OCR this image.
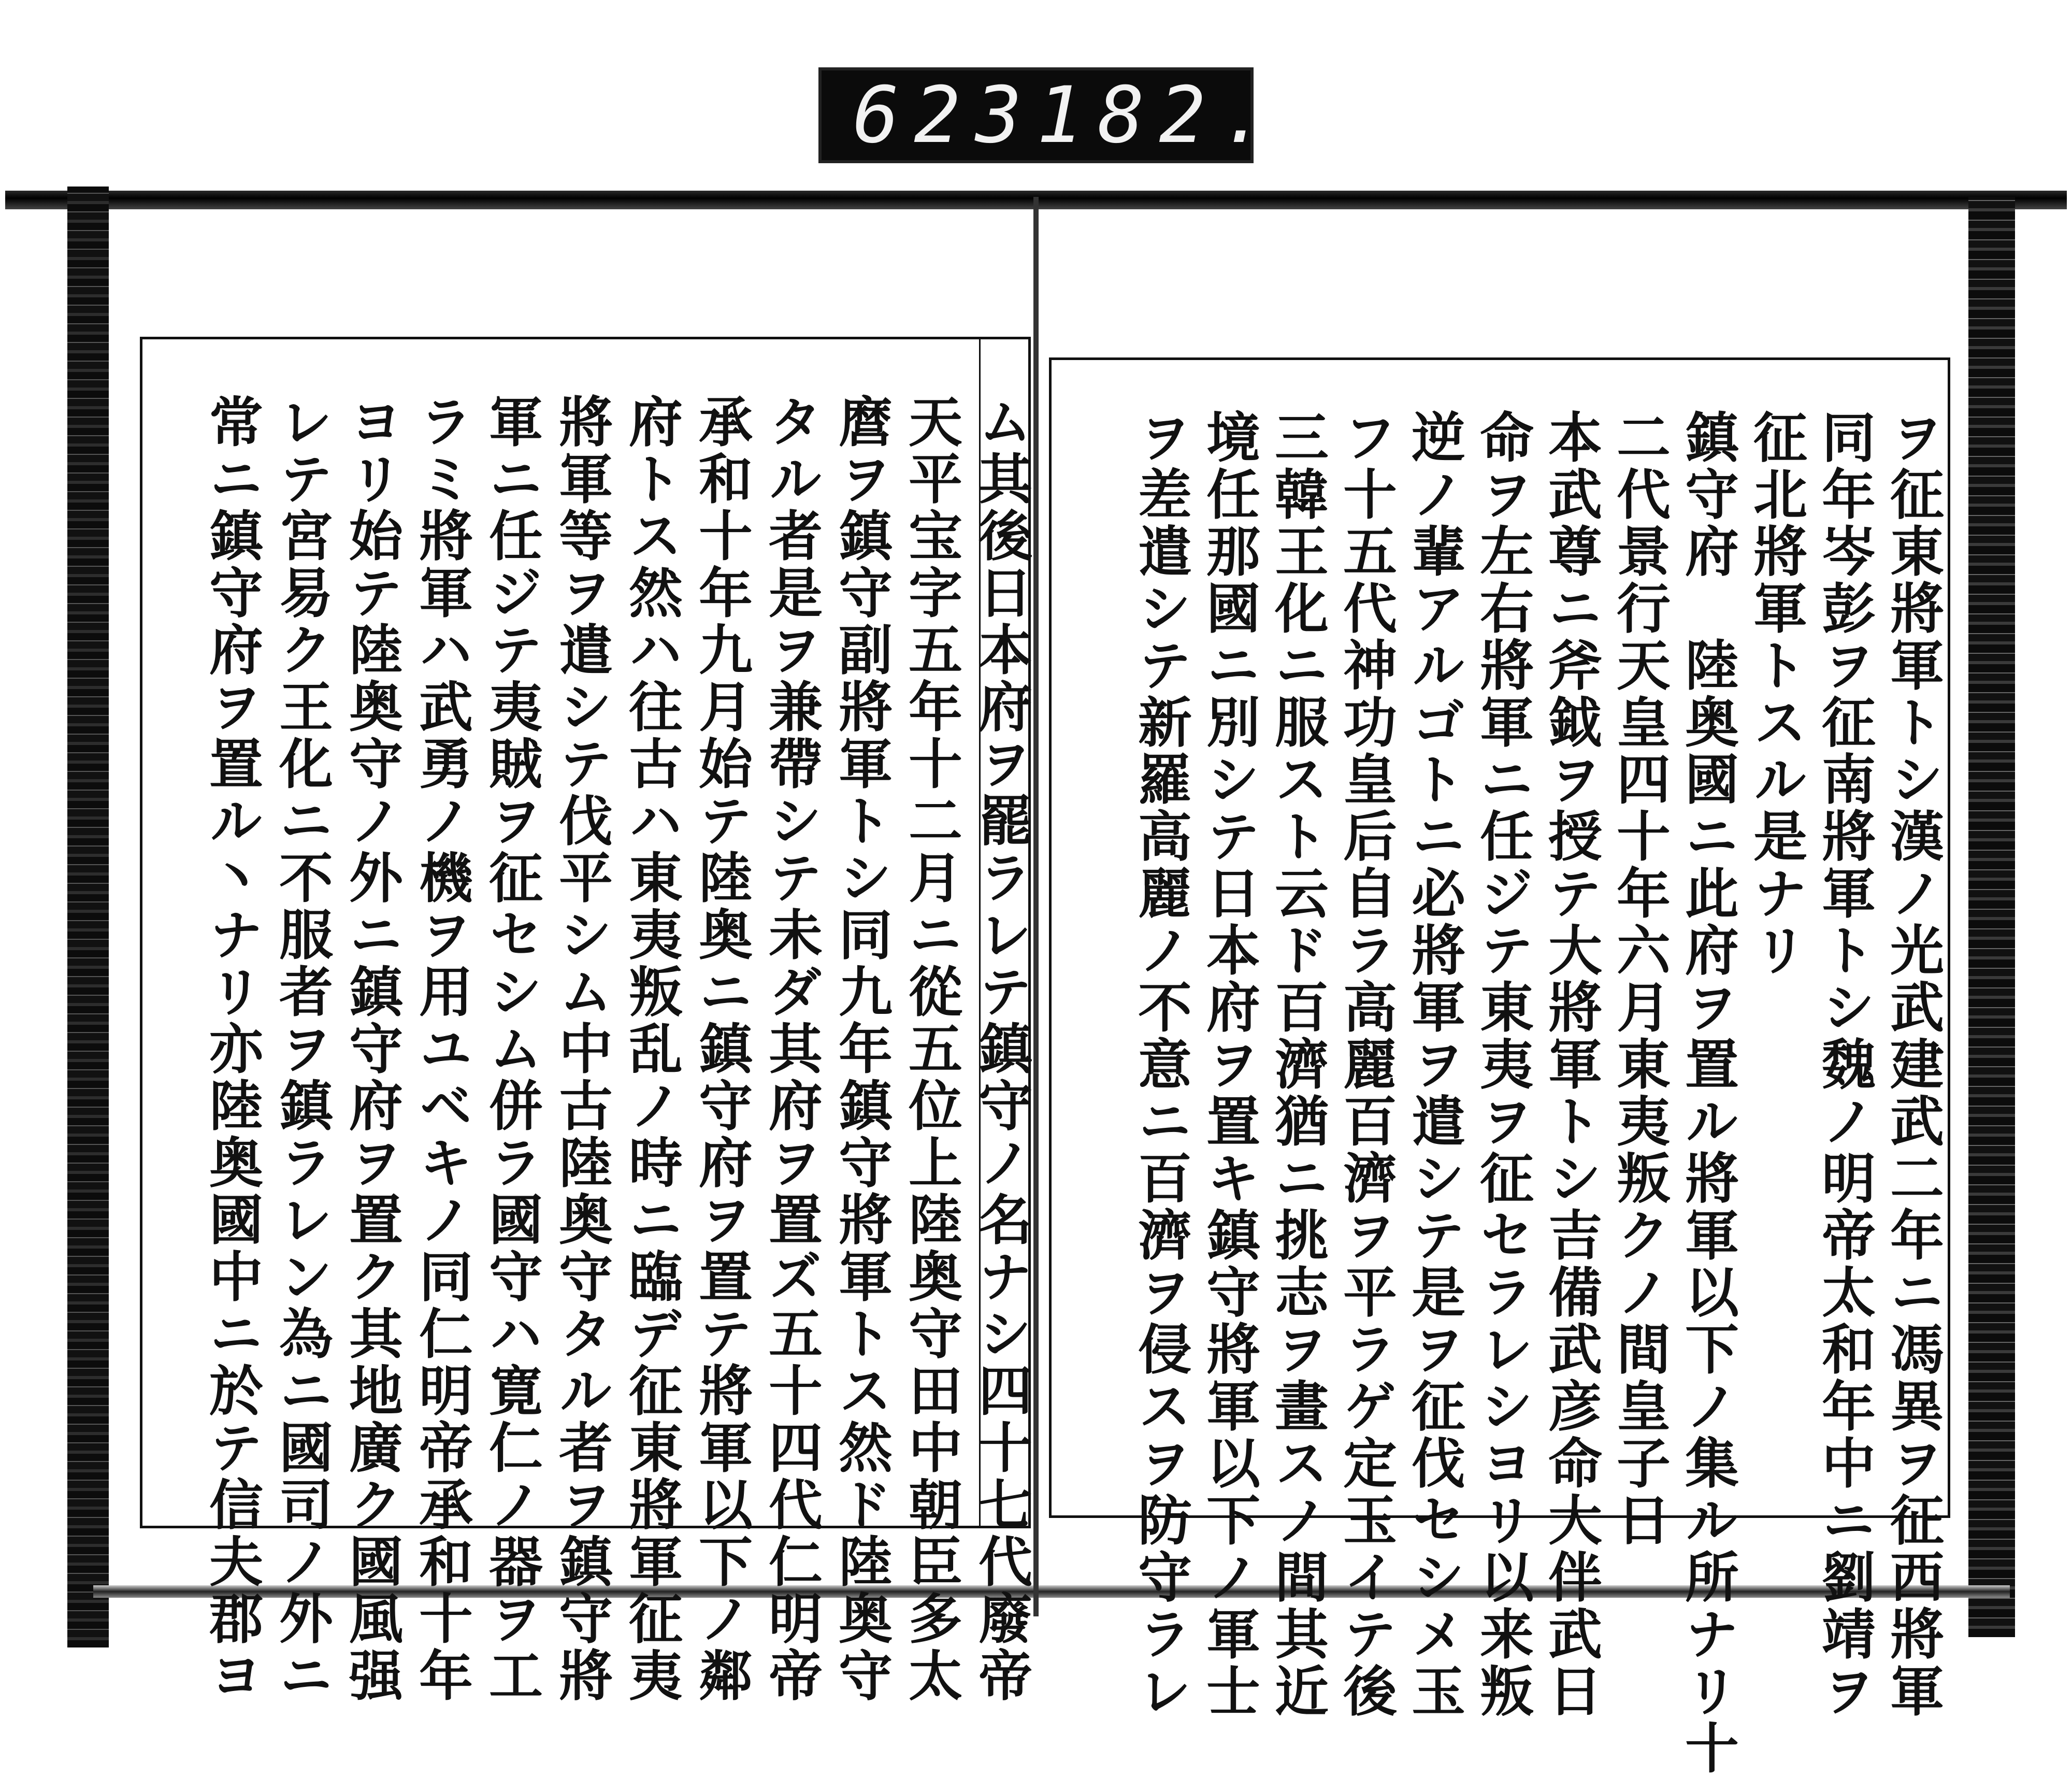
623 182.
ム其後日本府ヲ罷ラレテ鎮守ノ名ナシ四十七代廢帝
天平宝字五年十二月ニ從五位上陸奥守田中朝臣多太
麿ヲ鎮守副將軍トシ同九年鎮守將軍トス然ド陸奥守
タル者是ヲ兼帶シテ未ダ其府ヲ置ズ五十四代仁明帝
承和十年九月始テ陸奥ニ鎮守府ヲ置テ將軍以下ノ鄰
府トス然ハ往古ハ東夷叛乱ノ時ニ臨デ征東將軍征夷
將軍等ヲ遣シテ伐平シム中古陸奥守タル者ヲ鎮守將
軍ニ任ジテ夷賊ヲ征セシム併ラ國守ハ寛仁ノ器ヲ工
ラミ將軍ハ武勇ノ機ヲ用ユベキノ同仁明帝承和十年
ヨリ始テ陸奥守ノ外ニ鎮守府ヲ置ク其地廣ク國風强
レテ宮易ク王化ニ不服者ヲ鎮ラレン為ニ國司ノ外ニ
常ニ鎮守府ヲ置ル丶ナリ亦陸奥國中ニ於テ信夫郡ヨ	ヲ征東將軍トシ漢ノ光武建武二年ニ馮異ヲ征西將軍
同年岑彭ヲ征南將軍トシ魏ノ明帝太和年中ニ劉靖ヲ
征北將軍トスル是ナリ
鎮守府　陸奥國ニ此府ヲ置ル將軍以下ノ集ル所ナリ十
二代景行天皇四十年六月東夷叛クノ間皇子日
本武尊ニ斧鉞ヲ授テ大將軍トシ吉備武彦命大伴武日
命ヲ左右將軍ニ任ジテ東夷ヲ征セラレシヨリ以来叛
逆ノ輩アルゴトニ必將軍ヲ遣シテ是ヲ征伐セシメ玉
フ十五代神功皇后自ラ高麗百濟ヲ平ラゲ定玉イテ後
三韓王化ニ服スト云ド百濟猶ニ挑志ヲ畫スノ間其近
境任那國ニ別シテ日本府ヲ置キ鎮守將軍以下ノ軍士
ヲ差遣シテ新羅高麗ノ不意ニ百濟ヲ侵スヲ防守ラレ
